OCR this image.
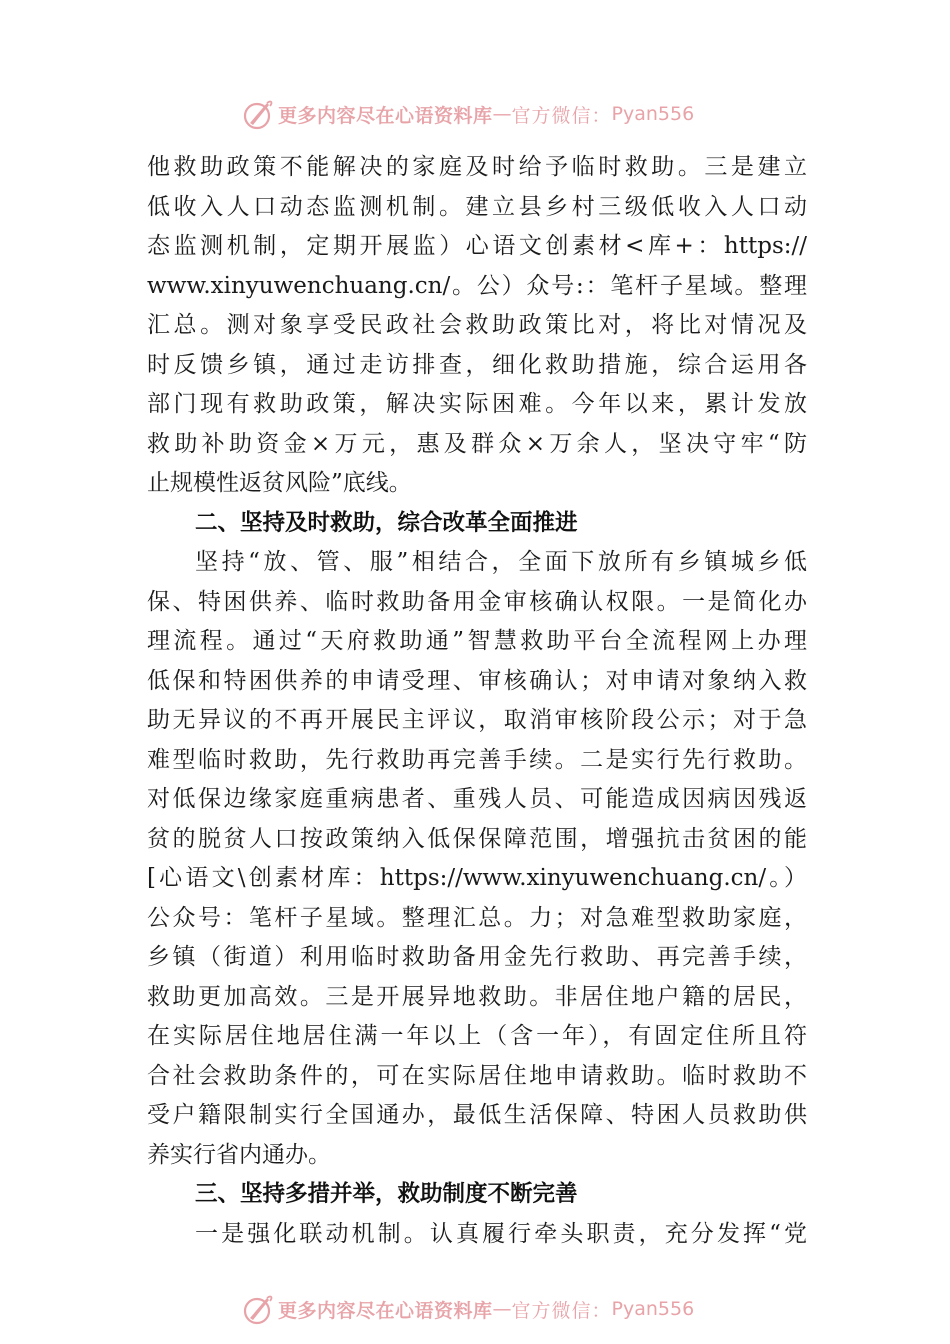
更多内容尽在心语资料库 — 官方微信： Pyan556
他救助政策不能解决的家庭及时给予临时救助。三是建立
低收入人口动态监测机制。建立县乡村三级低收入人口动
态监测机制，定期开展监）心语文创素材<库+：https://
www.xinyuwenchuang.cn/。公）众号:：笔杆子星域。整理
汇总。测对象享受民政社会救助政策比对，将比对情况及
时反馈乡镇，通过走访排查，细化救助措施，综合运用各
部门现有救助政策，解决实际困难。今年以来，累计发放
救助补助资金×万元，惠及群众×万余人，坚决守牢“防
止规模性返贫风险”底线。
二、坚持及时救助，综合改革全面推进
坚持“放、管、服”相结合，全面下放所有乡镇城乡低
保、特困供养、临时救助备用金审核确认权限。一是简化办
理流程。通过“天府救助通”智慧救助平台全流程网上办理
低保和特困供养的申请受理、审核确认；对申请对象纳入救
助无异议的不再开展民主评议，取消审核阶段公示；对于急
难型临时救助，先行救助再完善手续。二是实行先行救助。
对低保边缘家庭重病患者、重残人员、可能造成因病因残返
贫的脱贫人口按政策纳入低保保障范围，增强抗击贫困的能
[心语文\创素材库：https://www.xinyuwenchuang.cn/。）
公众号：笔杆子星域。整理汇总。力；对急难型救助家庭，
乡镇（街道）利用临时救助备用金先行救助、再完善手续，
救助更加高效。三是开展异地救助。非居住地户籍的居民，
在实际居住地居住满一年以上（含一年），有固定住所且符
合社会救助条件的，可在实际居住地申请救助。临时救助不
受户籍限制实行全国通办，最低生活保障、特困人员救助供
养实行省内通办。
三、坚持多措并举，救助制度不断完善
一是强化联动机制。认真履行牵头职责，充分发挥“党
更多内容尽在心语资料库 — 官方微信： Pyan556
